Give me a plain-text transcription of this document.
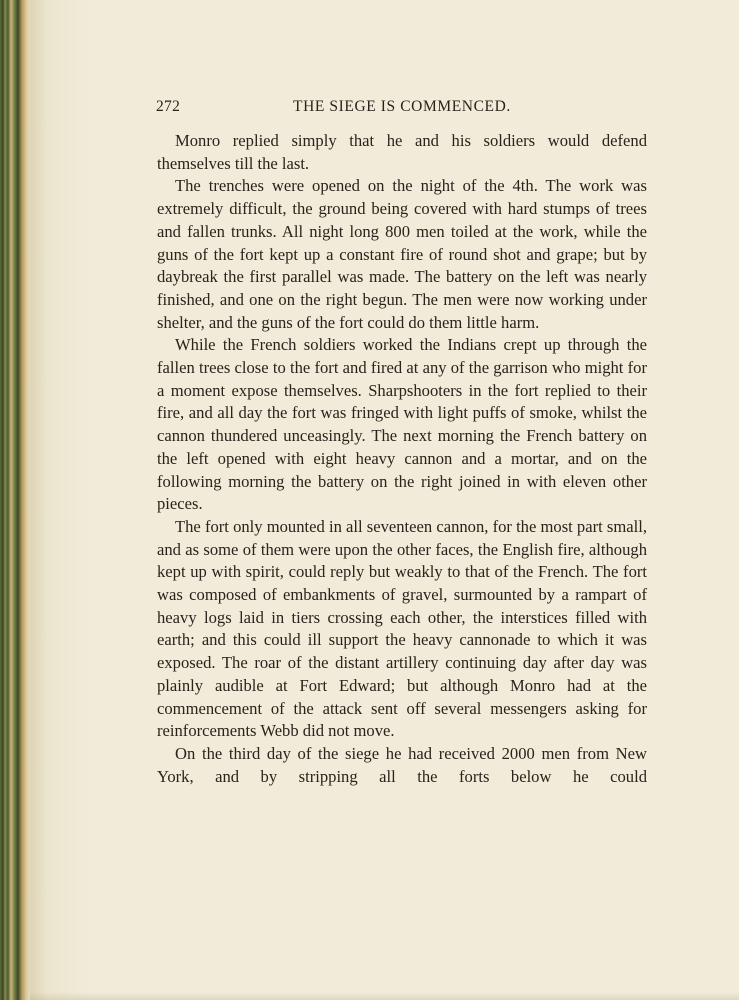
272	THE SIEGE IS COMMENCED.

Monro replied simply that he and his soldiers would defend themselves till the last.

The trenches were opened on the night of the 4th. The work was extremely difficult, the ground being covered with hard stumps of trees and fallen trunks. All night long 800 men toiled at the work, while the guns of the fort kept up a constant fire of round shot and grape; but by daybreak the first parallel was made. The battery on the left was nearly finished, and one on the right begun. The men were now working under shelter, and the guns of the fort could do them little harm.

While the French soldiers worked the Indians crept up through the fallen trees close to the fort and fired at any of the garrison who might for a moment expose themselves. Sharpshooters in the fort replied to their fire, and all day the fort was fringed with light puffs of smoke, whilst the cannon thundered unceasingly. The next morning the French battery on the left opened with eight heavy cannon and a mortar, and on the following morning the battery on the right joined in with eleven other pieces.

The fort only mounted in all seventeen cannon, for the most part small, and as some of them were upon the other faces, the English fire, although kept up with spirit, could reply but weakly to that of the French. The fort was composed of embankments of gravel, surmounted by a rampart of heavy logs laid in tiers crossing each other, the interstices filled with earth; and this could ill support the heavy cannonade to which it was exposed. The roar of the distant artillery continuing day after day was plainly audible at Fort Edward; but although Monro had at the commencement of the attack sent off several messengers asking for reinforcements Webb did not move.

On the third day of the siege he had received 2000 men from New York, and by stripping all the forts below he could
